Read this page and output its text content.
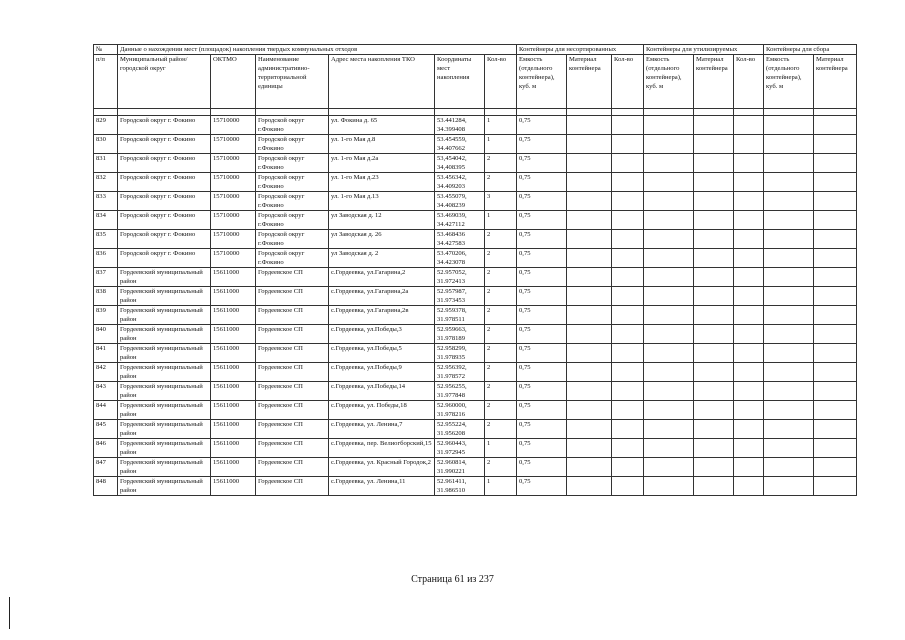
№	Данные о нахождении мест (площадок) накопления твердых коммунальных отходов						Контейнеры для несортированных			Контейнеры для утилизируемых			Контейнеры для сбора	
п/п	Муниципальный район/городской округ	ОКТМО	Наименование административно-территориальной единицы	Адрес места накопления ТКО	Координаты мест накопления	Кол-во	Емкость (отдельного контейнера), куб. м	Материал контейнера	Кол-во	Емкость (отдельного контейнера), куб. м	Материал контейнера	Кол-во	Емкость (отдельного контейнера), куб. м	Материал контейнера

829	Городской округ г. Фокино	15710000	Городской округ г.Фокино	ул. Фокина д. 65	53.441284, 34.399408	1	0,75							
830	Городской округ г. Фокино	15710000	Городской округ г.Фокино	ул. 1-го Мая д.8	53.454559, 34.407662	1	0,75							
831	Городской округ г. Фокино	15710000	Городской округ г.Фокино	ул. 1-го Мая д.2а	53,454042, 34,408395	2	0,75							
832	Городской округ г. Фокино	15710000	Городской округ г.Фокино	ул. 1-го Мая д.23	53.456342, 34.409203	2	0,75							
833	Городской округ г. Фокино	15710000	Городской округ г.Фокино	ул. 1-го Мая д.13	53.455079, 34.408239	3	0,75							
834	Городской округ г. Фокино	15710000	Городской округ г.Фокино	ул Заводская д. 12	53.469039, 34.427112	1	0,75							
835	Городской округ г. Фокино	15710000	Городской округ г.Фокино	ул Заводская д. 26	53.468436 34.427583	2	0,75							
836	Городской округ г. Фокино	15710000	Городской округ г.Фокино	ул Заводская д. 2	53.470206, 34.423078	2	0,75							
837	Гордеевский муниципальный район	15611000	Гордеевское СП	с.Гордеевка, ул.Гагарина,2	52.957052, 31.972413	2	0,75							
838	Гордеевский муниципальный район	15611000	Гордеевское СП	с.Гордеевка, ул.Гагарина,2а	52.957987, 31.973453	2	0,75							
839	Гордеевский муниципальный район	15611000	Гордеевское СП	с.Гордеевка, ул.Гагарина,2в	52.959378, 31.978511	2	0,75							
840	Гордеевский муниципальный район	15611000	Гордеевское СП	с.Гордеевка, ул.Победы,3	52.959663, 31.978189	2	0,75							
841	Гордеевский муниципальный район	15611000	Гордеевское СП	с.Гордеевка, ул.Победы,5	52.958299, 31.978935	2	0,75							
842	Гордеевский муниципальный район	15611000	Гордеевское СП	с.Гордеевка, ул.Победы,9	52.956392, 31.978572	2	0,75							
843	Гордеевский муниципальный район	15611000	Гордеевское СП	с.Гордеевка, ул.Победы,14	52.956255, 31.977848	2	0,75							
844	Гордеевский муниципальный район	15611000	Гордеевское СП	с.Гордеевка, ул. Победы,18	52.960000, 31.978216	2	0,75							
845	Гордеевский муниципальный район	15611000	Гордеевское СП	с.Гордеевка, ул. Ленина,7	52.955224, 31.956208	2	0,75							
846	Гордеевский муниципальный район	15611000	Гордеевское СП	с.Гордеевка, пер. Велиогборский,15	52.960443, 31.972945	1	0,75							
847	Гордеевский муниципальный район	15611000	Гордеевское СП	с.Гордеевка, ул. Красный Городок,2	52.960814, 31.990221	2	0,75							
848	Гордеевский муниципальный район	15611000	Гордеевское СП	с.Гордеевка, ул. Ленина,11	52.961411, 31.986510	1	0,75							
Страница 61 из 237
